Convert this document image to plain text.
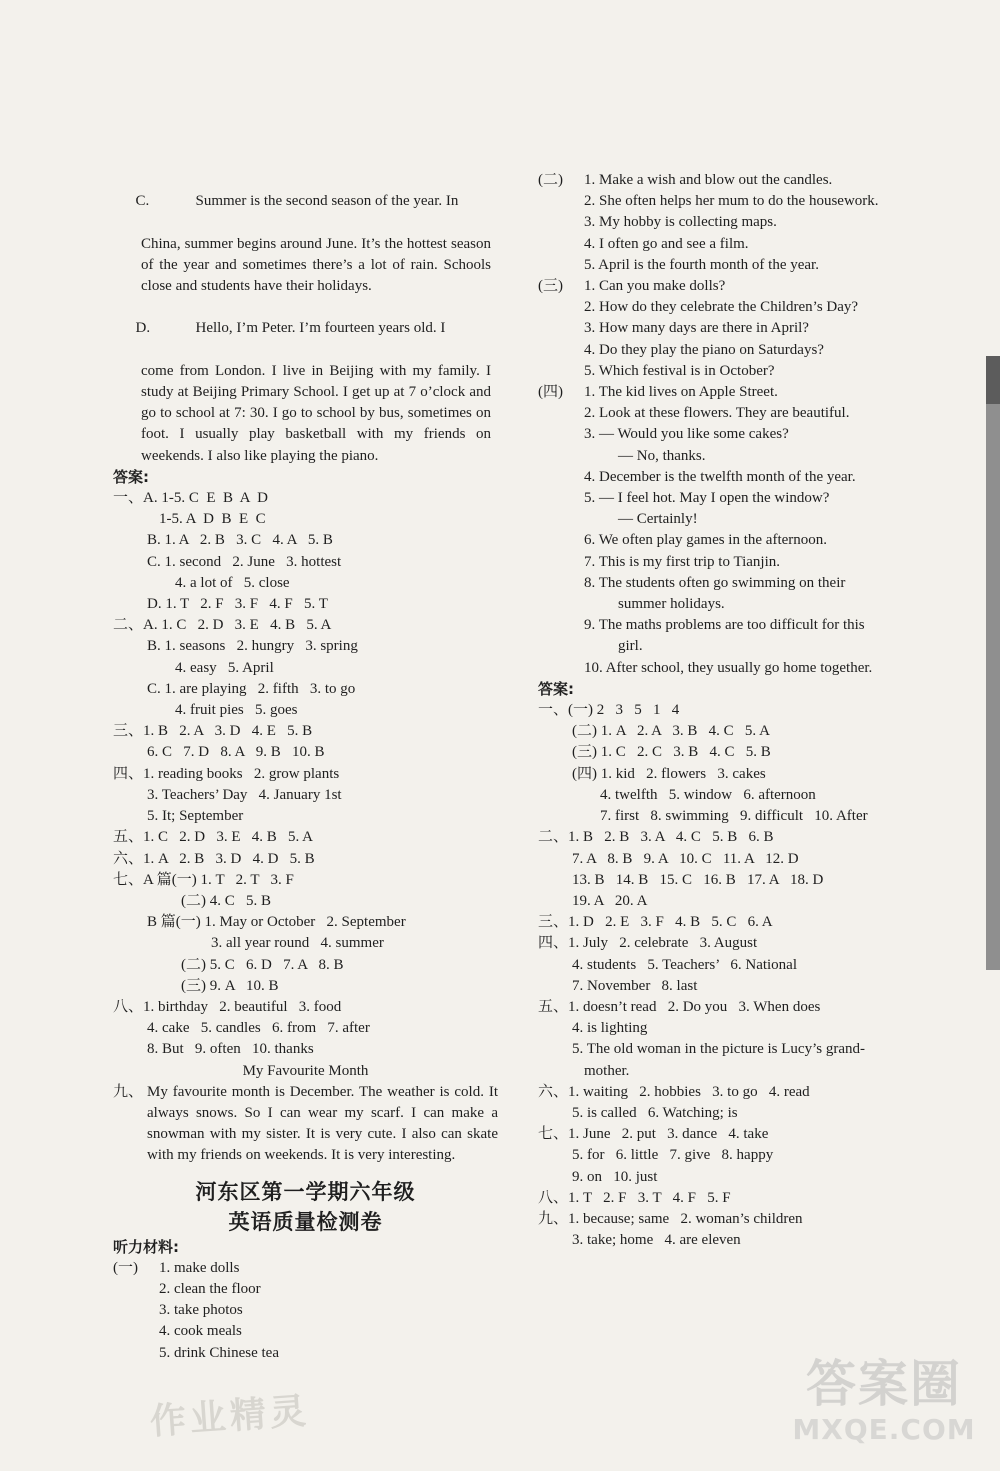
C.	Summer is the second season of the year. In

China, summer begins around June. It’s the hottest season of the year and sometimes there’s a lot of rain. Schools close and students have their holidays.

D.	Hello, I’m Peter. I’m fourteen years old. I

come from London. I live in Beijing with my family. I study at Beijing Primary School. I get up at 7 o’clock and go to school at 7: 30. I go to school by bus, sometimes on foot. I usually play basketball with my friends on weekends. I also like playing the piano.
答案:
一、A. 1-5. C  E  B  A  D
1-5. A  D  B  E  C
B. 1. A   2. B   3. C   4. A   5. B
C. 1. second   2. June   3. hottest
4. a lot of   5. close
D. 1. T   2. F   3. F   4. F   5. T
二、A. 1. C   2. D   3. E   4. B   5. A
B. 1. seasons   2. hungry   3. spring
4. easy   5. April
C. 1. are playing   2. fifth   3. to go
4. fruit pies   5. goes
三、1. B   2. A   3. D   4. E   5. B
6. C   7. D   8. A   9. B   10. B
四、1. reading books   2. grow plants
3. Teachers’ Day   4. January 1st
5. It; September
五、1. C   2. D   3. E   4. B   5. A
六、1. A   2. B   3. D   4. D   5. B
七、A 篇(一) 1. T   2. T   3. F
(二) 4. C   5. B
B 篇(一) 1. May or October   2. September
3. all year round   4. summer
(二) 5. C   6. D   7. A   8. B
(三) 9. A   10. B
八、1. birthday   2. beautiful   3. food
4. cake   5. candles   6. from   7. after
8. But   9. often   10. thanks
My Favourite Month
九、 My favourite month is December. The weather is cold. It always snows. So I can wear my scarf. I can make a snowman with my sister. It is very cute. I also can skate with my friends on weekends. It is very interesting.
河东区第一学期六年级
英语质量检测卷
听力材料:
(一)	1. make dolls
2. clean the floor
3. take photos
4. cook meals
5. drink Chinese tea
(二)	1. Make a wish and blow out the candles.
2. She often helps her mum to do the housework.
3. My hobby is collecting maps.
4. I often go and see a film.
5. April is the fourth month of the year.
(三)	1. Can you make dolls?
2. How do they celebrate the Children’s Day?
3. How many days are there in April?
4. Do they play the piano on Saturdays?
5. Which festival is in October?
(四)	1. The kid lives on Apple Street.
2. Look at these flowers. They are beautiful.
3. — Would you like some cakes?
— No, thanks.
4. December is the twelfth month of the year.
5. — I feel hot. May I open the window?
— Certainly!
6. We often play games in the afternoon.
7. This is my first trip to Tianjin.
8. The students often go swimming on their
summer holidays.
9. The maths problems are too difficult for this
girl.
10. After school, they usually go home together.
答案:
一、(一) 2   3   5   1   4
(二) 1. A   2. A   3. B   4. C   5. A
(三) 1. C   2. C   3. B   4. C   5. B
(四) 1. kid   2. flowers   3. cakes
4. twelfth   5. window   6. afternoon
7. first   8. swimming   9. difficult   10. After
二、1. B   2. B   3. A   4. C   5. B   6. B
7. A   8. B   9. A   10. C   11. A   12. D
13. B   14. B   15. C   16. B   17. A   18. D
19. A   20. A
三、1. D   2. E   3. F   4. B   5. C   6. A
四、1. July   2. celebrate   3. August
4. students   5. Teachers’   6. National
7. November   8. last
五、1. doesn’t read   2. Do you   3. When does
4. is lighting
5. The old woman in the picture is Lucy’s grand-
mother.
六、1. waiting   2. hobbies   3. to go   4. read
5. is called   6. Watching; is
七、1. June   2. put   3. dance   4. take
5. for   6. little   7. give   8. happy
9. on   10. just
八、1. T   2. F   3. T   4. F   5. F
九、1. because; same   2. woman’s children
3. take; home   4. are eleven
作业精灵
答案圈
MXQE.COM
